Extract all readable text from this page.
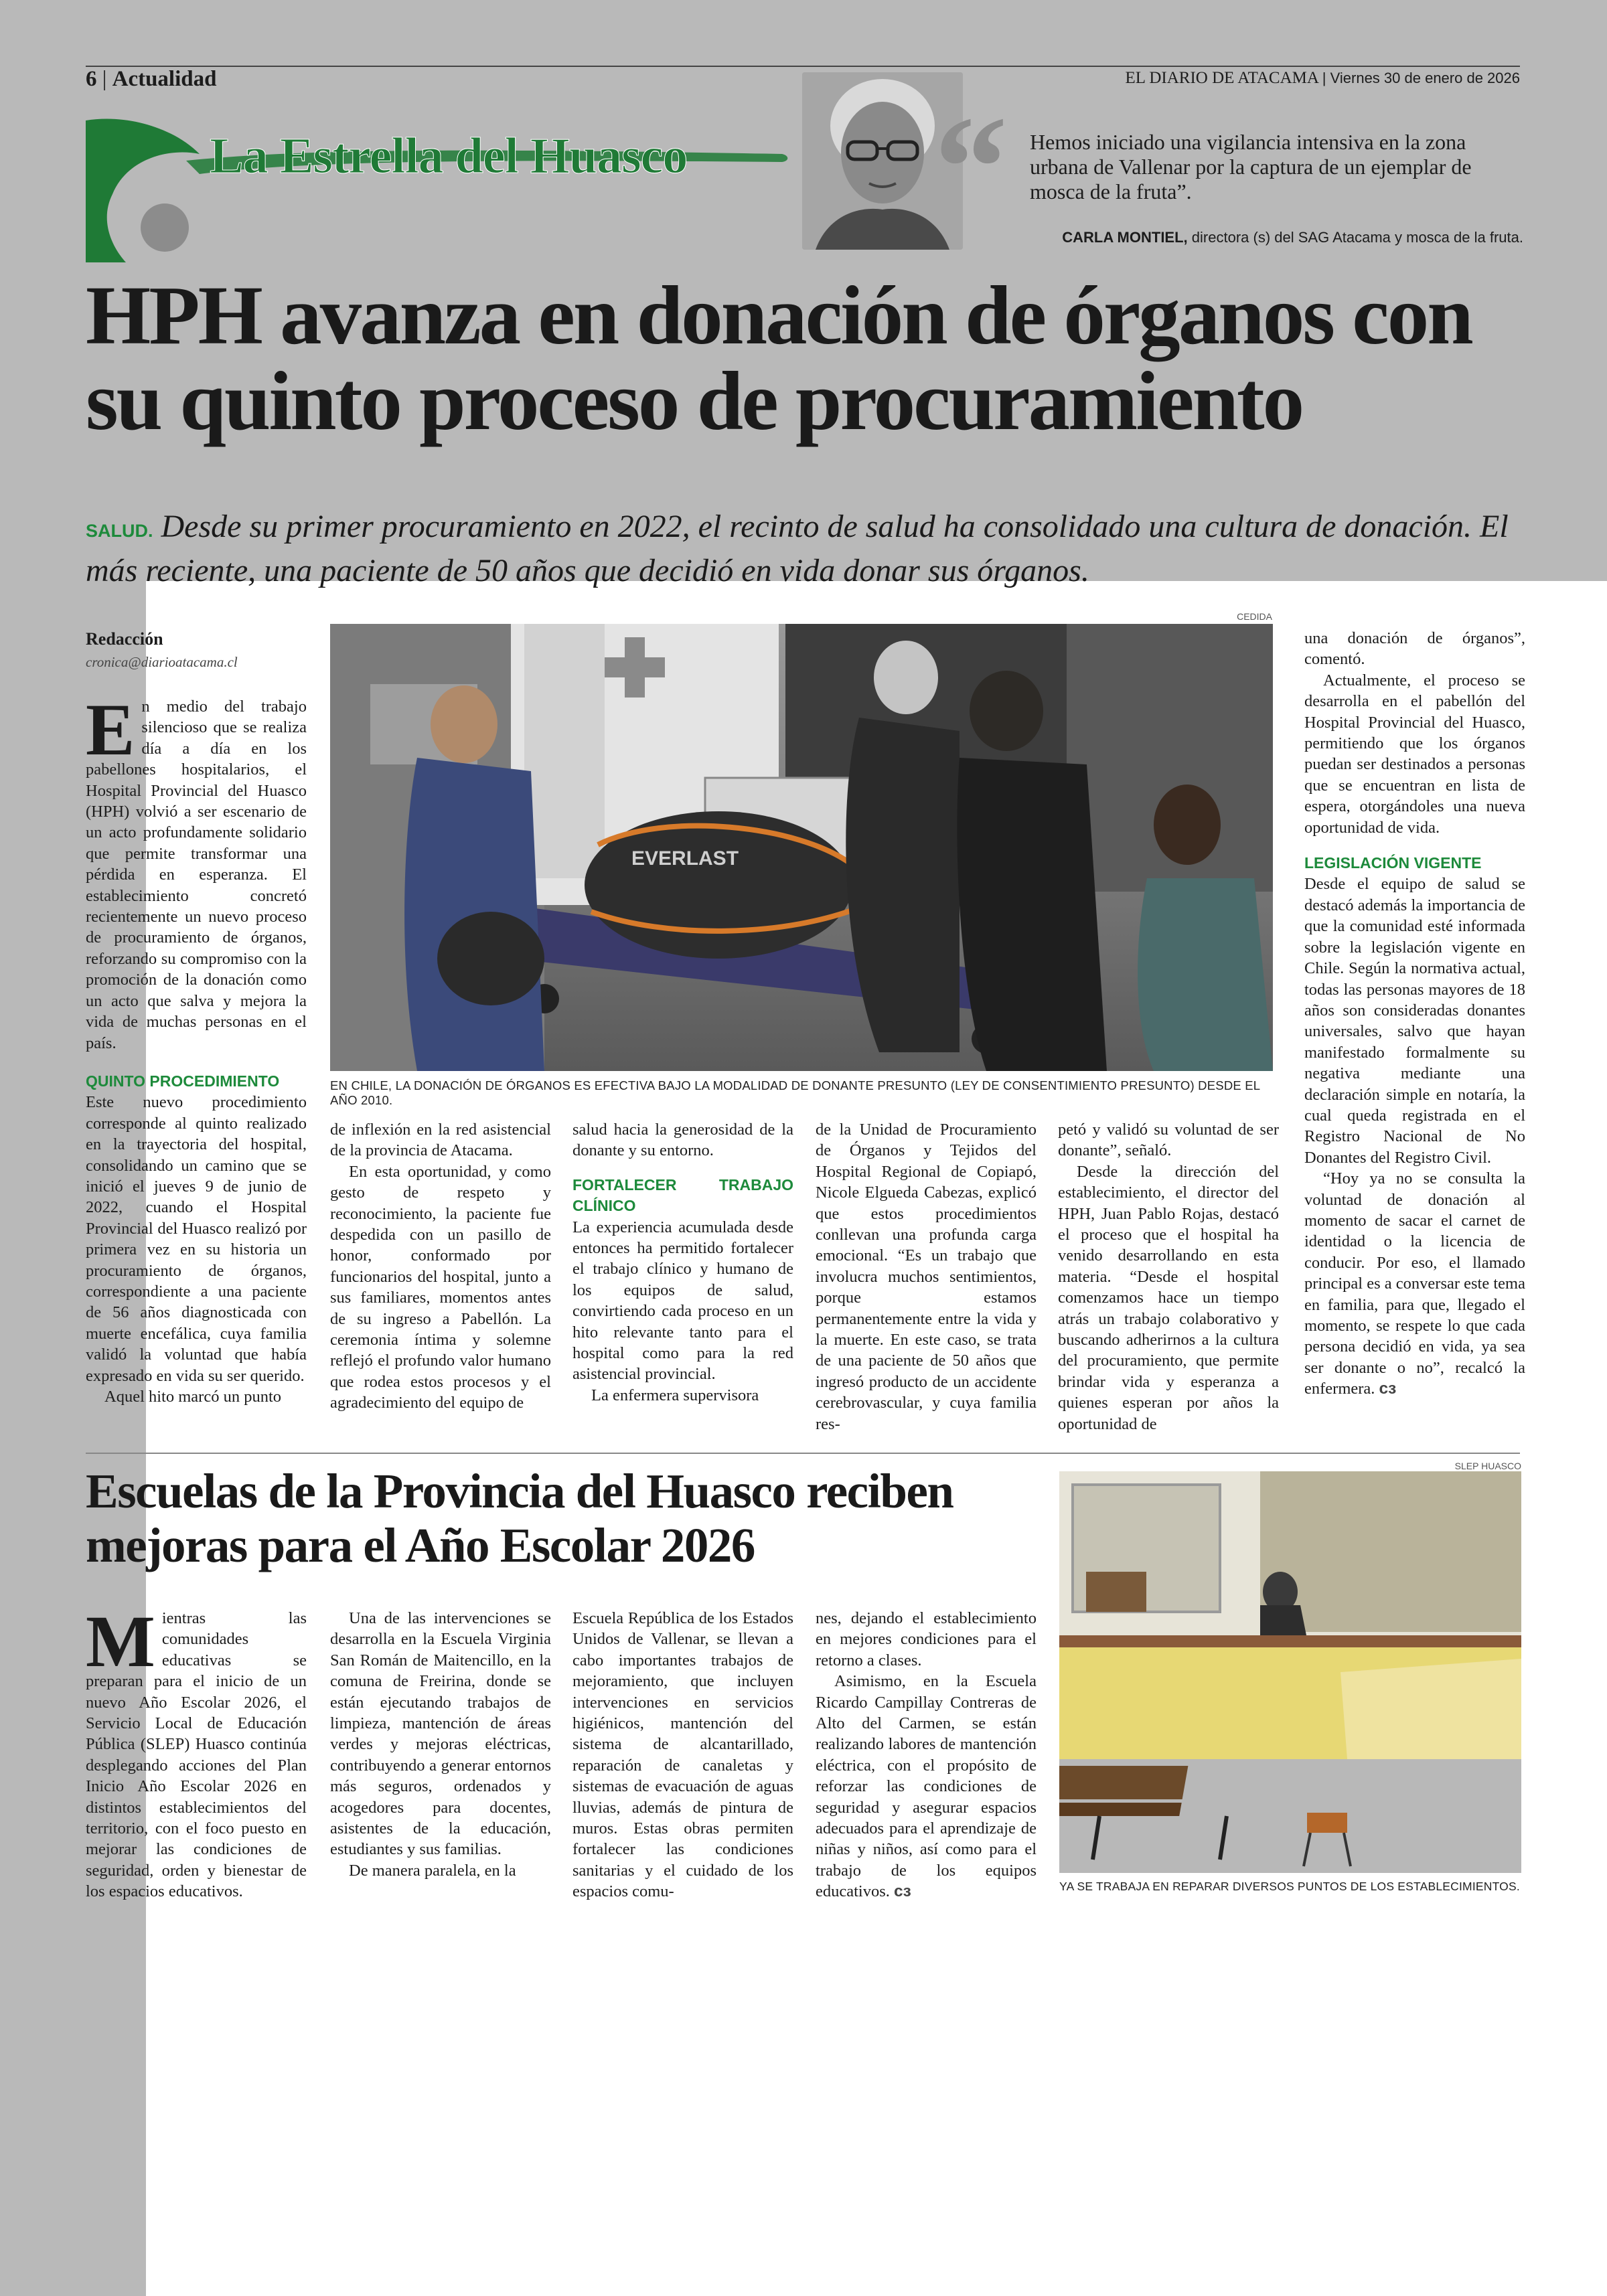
6 | Actualidad	EL DIARIO DE ATACAMA | Viernes 30 de enero de 2026
La Estrella del Huasco “ Hemos iniciado una vigilancia intensiva en la zona urbana de Vallenar por la captura de un ejemplar de mosca de la fruta”.
CARLA MONTIEL, directora (s) del SAG Atacama y mosca de la fruta.
HPH avanza en donación de órganos con su quinto proceso de procuramiento
SALUD. Desde su primer procuramiento en 2022, el recinto de salud ha consolidado una cultura de donación. El más reciente, una paciente de 50 años que decidió en vida donar sus órganos.
Redacción
cronica@diarioatacama.cl
CEDIDA
EVERLAST
EN CHILE, LA DONACIÓN DE ÓRGANOS ES EFECTIVA BAJO LA MODALIDAD DE DONANTE PRESUNTO (LEY DE CONSENTIMIENTO PRESUNTO) DESDE EL AÑO 2010.

En medio del trabajo silencioso que se realiza día a día en los pabellones hospitalarios, el Hospital Provincial del Huasco (HPH) volvió a ser escenario de un acto profundamente solidario que permite transformar una pérdida en esperanza. El establecimiento concretó recientemente un nuevo proceso de procuramiento de órganos, reforzando su compromiso con la promoción de la donación como un acto que salva y mejora la vida de muchas personas en el país.

QUINTO PROCEDIMIENTO

Este nuevo procedimiento corresponde al quinto realizado en la trayectoria del hospital, consolidando un camino que se inició el jueves 9 de junio de 2022, cuando el Hospital Provincial del Huasco realizó por primera vez en su historia un procuramiento de órganos, correspondiente a una paciente de 56 años diagnosticada con muerte encefálica, cuya familia validó la voluntad que había expresado en vida su ser querido.

Aquel hito marcó un punto

de inflexión en la red asistencial de la provincia de Atacama.

En esta oportunidad, y como gesto de respeto y reconocimiento, la paciente fue despedida con un pasillo de honor, conformado por funcionarios del hospital, junto a sus familiares, momentos antes de su ingreso a Pabellón. La ceremonia íntima y solemne reflejó el profundo valor humano que rodea estos procesos y el agradecimiento del equipo de

salud hacia la generosidad de la donante y su entorno.

FORTALECER TRABAJO CLÍNICO

La experiencia acumulada desde entonces ha permitido fortalecer el trabajo clínico y humano de los equipos de salud, convirtiendo cada proceso en un hito relevante tanto para el hospital como para la red asistencial provincial.

La enfermera supervisora

de la Unidad de Procuramiento de Órganos y Tejidos del Hospital Regional de Copiapó, Nicole Elgueda Cabezas, explicó que estos procedimientos conllevan una profunda carga emocional. “Es un trabajo que involucra muchos sentimientos, porque estamos permanentemente entre la vida y la muerte. En este caso, se trata de una paciente de 50 años que ingresó producto de un accidente cerebrovascular, y cuya familia res-

petó y validó su voluntad de ser donante”, señaló.

Desde la dirección del establecimiento, el director del HPH, Juan Pablo Rojas, destacó el proceso que el hospital ha venido desarrollando en esta materia. “Desde el hospital comenzamos hace un tiempo atrás un trabajo colaborativo y buscando adherirnos a la cultura del procuramiento, que permite brindar vida y esperanza a quienes esperan por años la oportunidad de

una donación de órganos”, comentó.

Actualmente, el proceso se desarrolla en el pabellón del Hospital Provincial del Huasco, permitiendo que los órganos puedan ser destinados a personas que se encuentran en lista de espera, otorgándoles una nueva oportunidad de vida.

LEGISLACIÓN VIGENTE

Desde el equipo de salud se destacó además la importancia de que la comunidad esté informada sobre la legislación vigente en Chile. Según la normativa actual, todas las personas mayores de 18 años son consideradas donantes universales, salvo que hayan manifestado formalmente su negativa mediante una declaración simple en notaría, la cual queda registrada en el Registro Nacional de No Donantes del Registro Civil.

“Hoy ya no se consulta la voluntad de donación al momento de sacar el carnet de identidad o la licencia de conducir. Por eso, el llamado principal es a conversar este tema en familia, para que, llegado el momento, se respete lo que cada persona decidió en vida, ya sea ser donante o no”, recalcó la enfermera. cɜ

Escuelas de la Provincia del Huasco reciben mejoras para el Año Escolar 2026

Mientras las comunidades educativas se preparan para el inicio de un nuevo Año Escolar 2026, el Servicio Local de Educación Pública (SLEP) Huasco continúa desplegando acciones del Plan Inicio Año Escolar 2026 en distintos establecimientos del territorio, con el foco puesto en mejorar las condiciones de seguridad, orden y bienestar de los espacios educativos.

Una de las intervenciones se desarrolla en la Escuela Virginia San Román de Maitencillo, en la comuna de Freirina, donde se están ejecutando trabajos de limpieza, mantención de áreas verdes y mejoras eléctricas, contribuyendo a generar entornos más seguros, ordenados y acogedores para docentes, asistentes de la educación, estudiantes y sus familias.

De manera paralela, en la

Escuela República de los Estados Unidos de Vallenar, se llevan a cabo importantes trabajos de mejoramiento, que incluyen intervenciones en servicios higiénicos, mantención del sistema de alcantarillado, reparación de canaletas y sistemas de evacuación de aguas lluvias, además de pintura de muros. Estas obras permiten fortalecer las condiciones sanitarias y el cuidado de los espacios comu-

nes, dejando el establecimiento en mejores condiciones para el retorno a clases.

Asimismo, en la Escuela Ricardo Campillay Contreras de Alto del Carmen, se están realizando labores de mantención eléctrica, con el propósito de reforzar las condiciones de seguridad y asegurar espacios adecuados para el aprendizaje de niñas y niños, así como para el trabajo de los equipos educativos. cɜ

SLEP HUASCO
YA SE TRABAJA EN REPARAR DIVERSOS PUNTOS DE LOS ESTABLECIMIENTOS.
